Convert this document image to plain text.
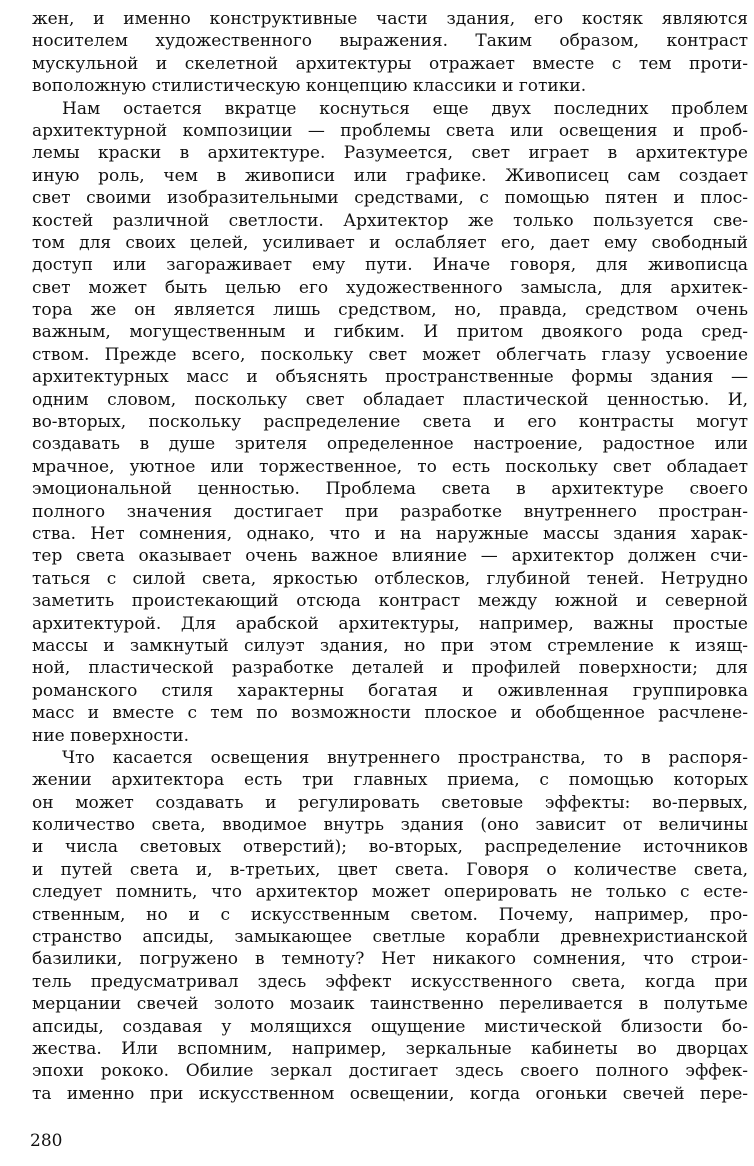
жен, и именно конструктивные части здания, его костяк являются
носителем художественного выражения. Таким образом, контраст
мускульной и скелетной архитектуры отражает вместе с тем проти-
воположную стилистическую концепцию классики и готики.
Нам остается вкратце коснуться еще двух последних проблем
архитектурной композиции — проблемы света или освещения и проб-
лемы краски в архитектуре. Разумеется, свет играет в архитектуре
иную роль, чем в живописи или графике. Живописец сам создает
свет своими изобразительными средствами, с помощью пятен и плос-
костей различной светлости. Архитектор же только пользуется све-
том для своих целей, усиливает и ослабляет его, дает ему свободный
доступ или загораживает ему пути. Иначе говоря, для живописца
свет может быть целью его художественного замысла, для архитек-
тора же он является лишь средством, но, правда, средством очень
важным, могущественным и гибким. И притом двоякого рода сред-
ством. Прежде всего, поскольку свет может облегчать глазу усвоение
архитектурных масс и объяснять пространственные формы здания —
одним словом, поскольку свет обладает пластической ценностью. И,
во-вторых, поскольку распределение света и его контрасты могут
создавать в душе зрителя определенное настроение, радостное или
мрачное, уютное или торжественное, то есть поскольку свет обладает
эмоциональной ценностью. Проблема света в архитектуре своего
полного значения достигает при разработке внутреннего простран-
ства. Нет сомнения, однако, что и на наружные массы здания харак-
тер света оказывает очень важное влияние — архитектор должен счи-
таться с силой света, яркостью отблесков, глубиной теней. Нетрудно
заметить проистекающий отсюда контраст между южной и северной
архитектурой. Для арабской архитектуры, например, важны простые
массы и замкнутый силуэт здания, но при этом стремление к изящ-
ной, пластической разработке деталей и профилей поверхности; для
романского стиля характерны богатая и оживленная группировка
масс и вместе с тем по возможности плоское и обобщенное расчлене-
ние поверхности.
Что касается освещения внутреннего пространства, то в распоря-
жении архитектора есть три главных приема, с помощью которых
он может создавать и регулировать световые эффекты: во-первых,
количество света, вводимое внутрь здания (оно зависит от величины
и числа световых отверстий); во-вторых, распределение источников
и путей света и, в-третьих, цвет света. Говоря о количестве света,
следует помнить, что архитектор может оперировать не только с есте-
ственным, но и с искусственным светом. Почему, например, про-
странство апсиды, замыкающее светлые корабли древнехристианской
базилики, погружено в темноту? Нет никакого сомнения, что строи-
тель предусматривал здесь эффект искусственного света, когда при
мерцании свечей золото мозаик таинственно переливается в полутьме
апсиды, создавая у молящихся ощущение мистической близости бо-
жества. Или вспомним, например, зеркальные кабинеты во дворцах
эпохи рококо. Обилие зеркал достигает здесь своего полного эффек-
та именно при искусственном освещении, когда огоньки свечей пере-
280
